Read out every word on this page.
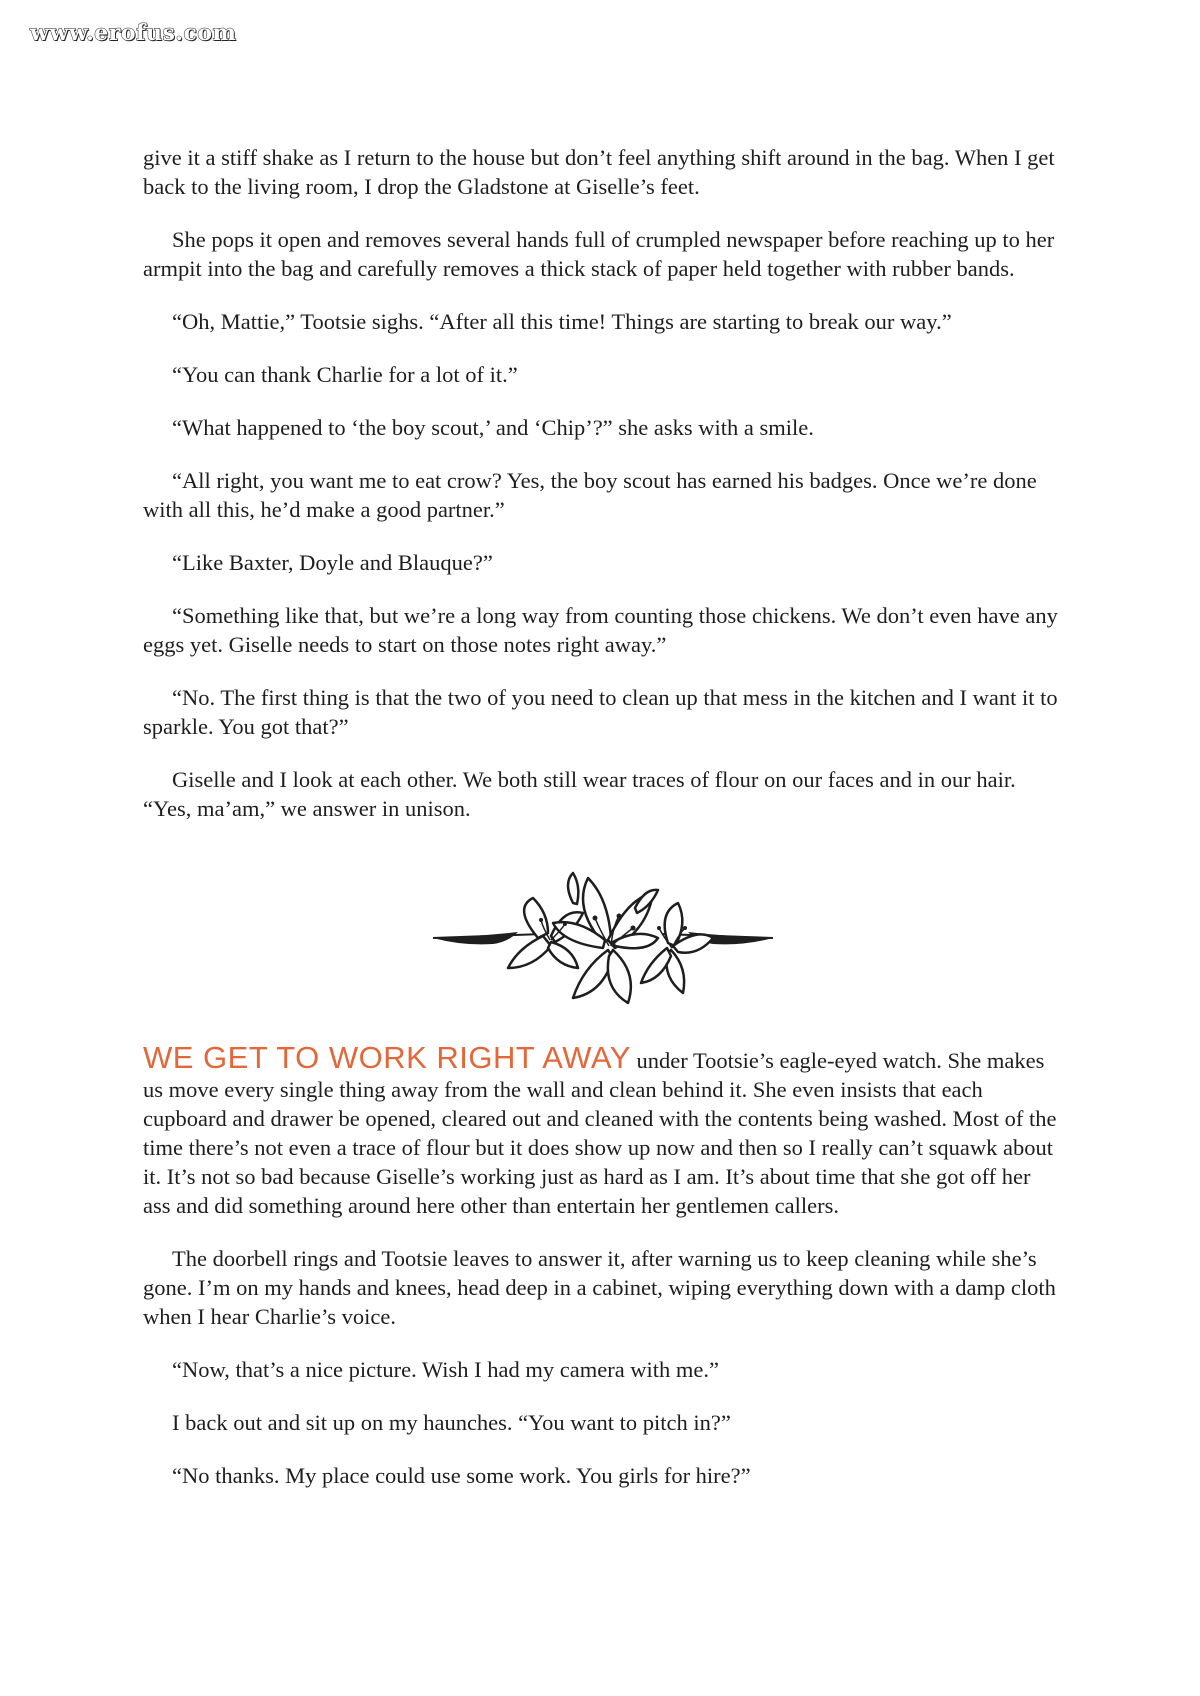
www.erofus.com

give it a stiff shake as I return to the house but don’t feel anything shift around in the bag. When I get back to the living room, I drop the Gladstone at Giselle’s feet.

She pops it open and removes several hands full of crumpled newspaper before reaching up to her armpit into the bag and carefully removes a thick stack of paper held together with rubber bands.

“Oh, Mattie,” Tootsie sighs. “After all this time! Things are starting to break our way.”

“You can thank Charlie for a lot of it.”

“What happened to ‘the boy scout,’ and ‘Chip’?” she asks with a smile.

“All right, you want me to eat crow? Yes, the boy scout has earned his badges. Once we’re done with all this, he’d make a good partner.”

“Like Baxter, Doyle and Blauque?”

“Something like that, but we’re a long way from counting those chickens. We don’t even have any eggs yet. Giselle needs to start on those notes right away.”

“No. The first thing is that the two of you need to clean up that mess in the kitchen and I want it to sparkle. You got that?”

Giselle and I look at each other. We both still wear traces of flour on our faces and in our hair. “Yes, ma’am,” we answer in unison.

WE GET TO WORK RIGHT AWAY under Tootsie’s eagle-eyed watch. She makes us move every single thing away from the wall and clean behind it. She even insists that each cupboard and drawer be opened, cleared out and cleaned with the contents being washed. Most of the time there’s not even a trace of flour but it does show up now and then so I really can’t squawk about it. It’s not so bad because Giselle’s working just as hard as I am. It’s about time that she got off her ass and did something around here other than entertain her gentlemen callers.

The doorbell rings and Tootsie leaves to answer it, after warning us to keep cleaning while she’s gone. I’m on my hands and knees, head deep in a cabinet, wiping everything down with a damp cloth when I hear Charlie’s voice.

“Now, that’s a nice picture. Wish I had my camera with me.”

I back out and sit up on my haunches. “You want to pitch in?”

“No thanks. My place could use some work. You girls for hire?”
